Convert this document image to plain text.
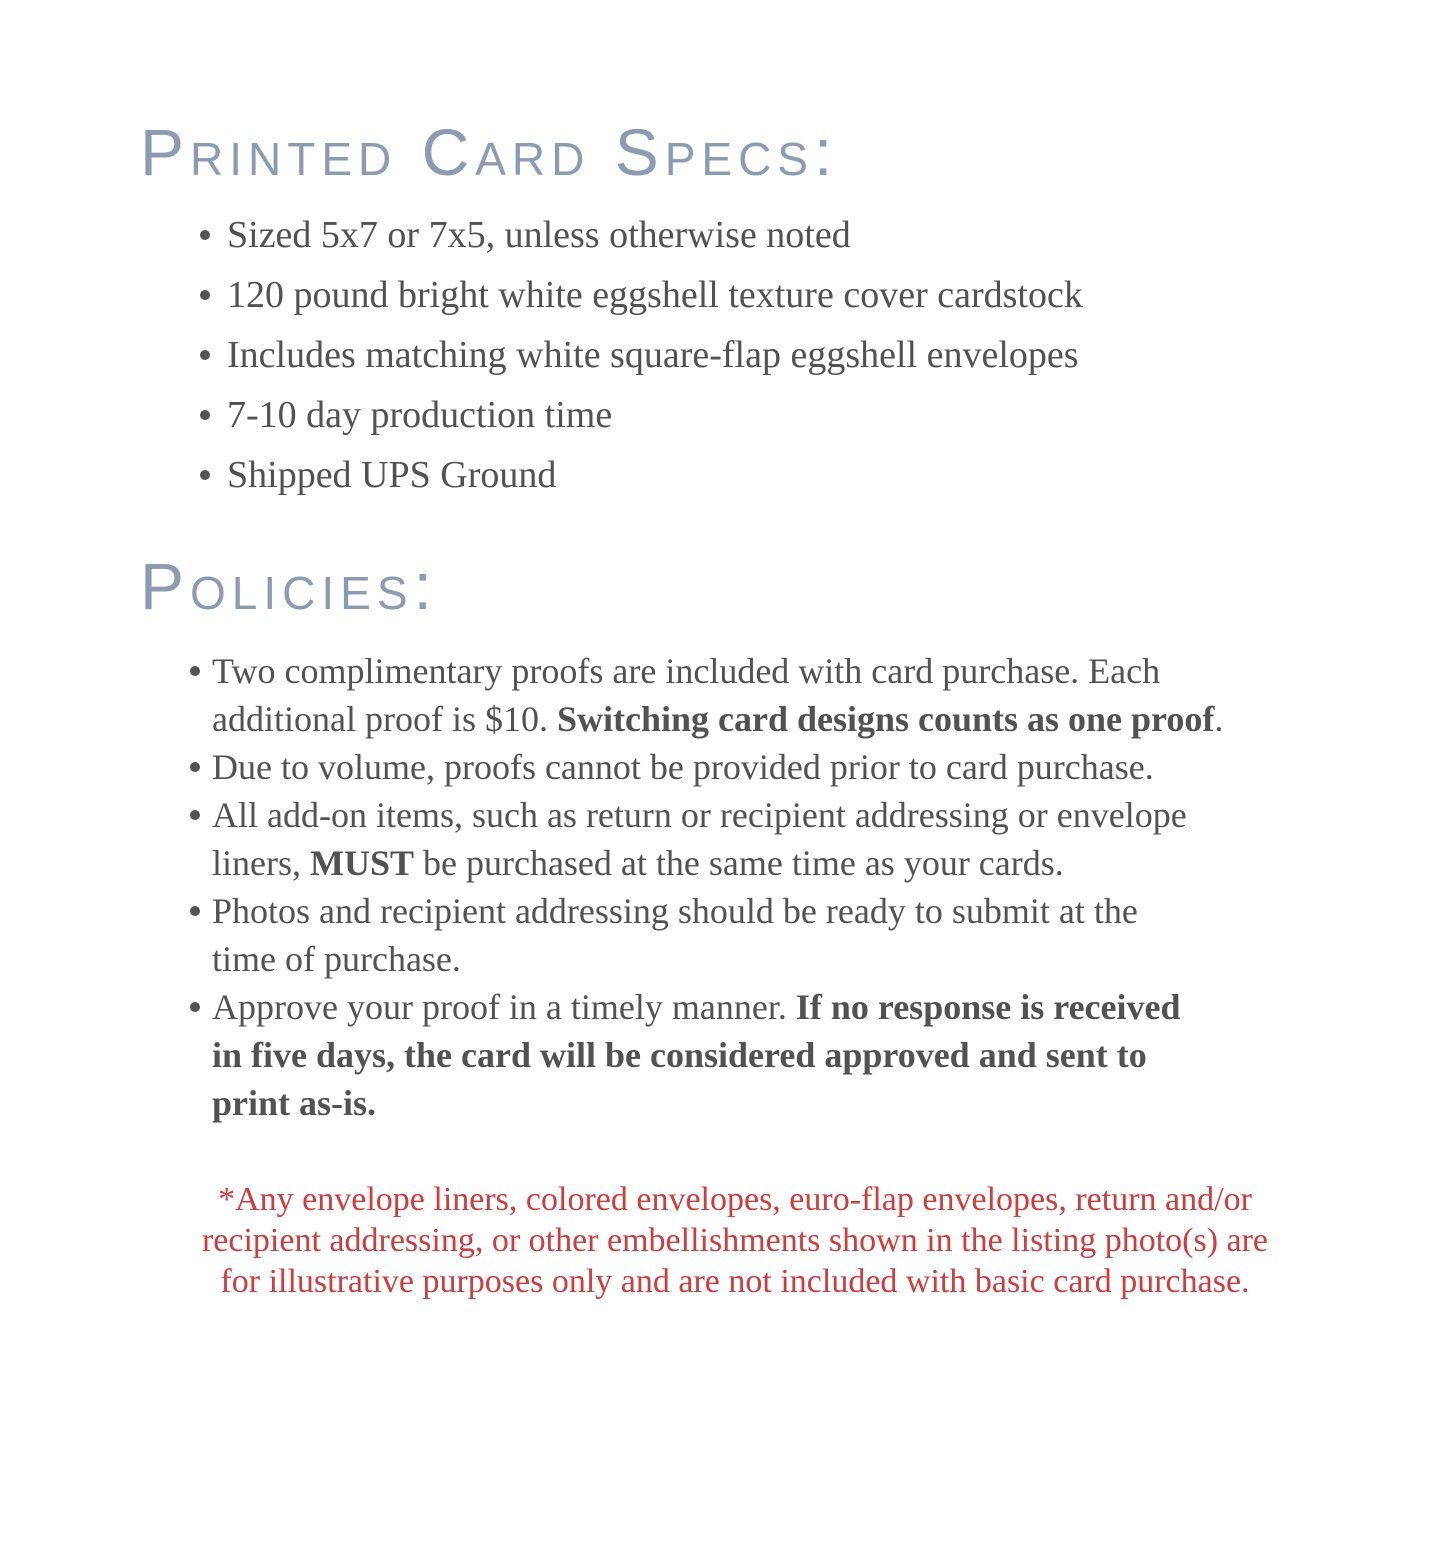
Printed Card Specs:
Sized 5x7 or 7x5, unless otherwise noted
120 pound bright white eggshell texture cover cardstock
Includes matching white square-flap eggshell envelopes
7-10 day production time
Shipped UPS Ground
Policies:
Two complimentary proofs are included with card purchase. Each
additional proof is $10. Switching card designs counts as one proof.
Due to volume, proofs cannot be provided prior to card purchase.
All add-on items, such as return or recipient addressing or envelope
liners, MUST be purchased at the same time as your cards.
Photos and recipient addressing should be ready to submit at the
time of purchase.
Approve your proof in a timely manner. If no response is received
in five days, the card will be considered approved and sent to
print as-is.
*Any envelope liners, colored envelopes, euro-flap envelopes, return and/or
recipient addressing, or other embellishments shown in the listing photo(s) are
for illustrative purposes only and are not included with basic card purchase.
